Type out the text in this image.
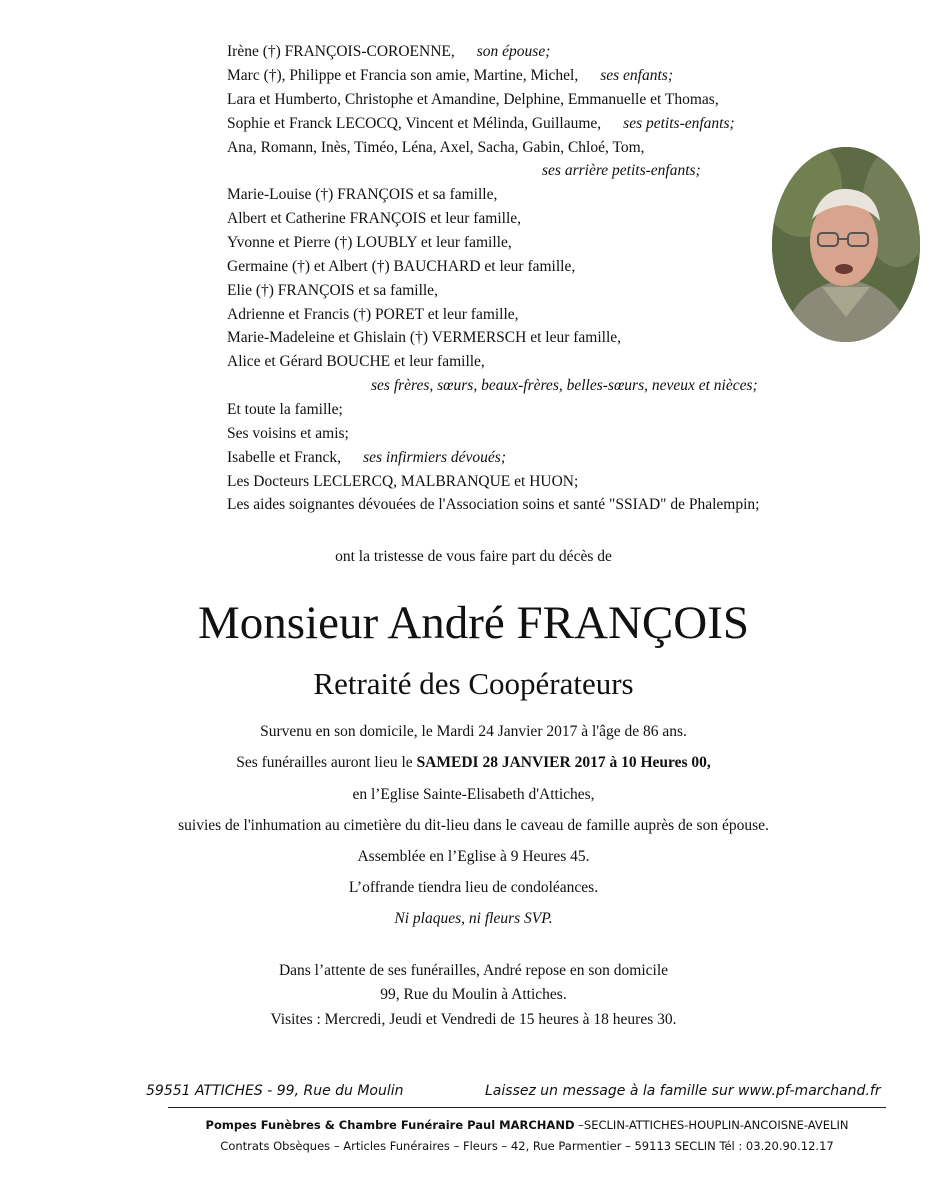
Irène (†) FRANÇOIS-COROENNE, son épouse;
Marc (†), Philippe et Francia son amie, Martine, Michel, ses enfants;
Lara et Humberto, Christophe et Amandine, Delphine, Emmanuelle et Thomas,
Sophie et Franck LECOCQ, Vincent et Mélinda, Guillaume, ses petits-enfants;
Ana, Romann, Inès, Timéo, Léna, Axel, Sacha, Gabin, Chloé, Tom,
ses arrière petits-enfants;
Marie-Louise (†) FRANÇOIS et sa famille,
Albert et Catherine FRANÇOIS et leur famille,
Yvonne et Pierre (†) LOUBLY et leur famille,
Germaine (†) et Albert (†) BAUCHARD et leur famille,
Elie (†) FRANÇOIS et sa famille,
Adrienne et Francis (†) PORET et leur famille,
Marie-Madeleine et Ghislain (†) VERMERSCH et leur famille,
Alice et Gérard BOUCHE et leur famille,
ses frères, sœurs, beaux-frères, belles-sœurs, neveux et nièces;
Et toute la famille;
Ses voisins et amis;
Isabelle et Franck, ses infirmiers dévoués;
Les Docteurs LECLERCQ, MALBRANQUE et HUON;
Les aides soignantes dévouées de l'Association soins et santé "SSIAD" de Phalempin;
ont la tristesse de vous faire part du décès de
Monsieur André FRANÇOIS
Retraité des Coopérateurs
Survenu en son domicile, le Mardi 24 Janvier 2017 à l'âge de 86 ans.
Ses funérailles auront lieu le SAMEDI 28 JANVIER 2017 à 10 Heures 00,
en l’Eglise Sainte-Elisabeth d'Attiches,
suivies de l'inhumation au cimetière du dit-lieu dans le caveau de famille auprès de son épouse.
Assemblée en l’Eglise à 9 Heures 45.
L’offrande tiendra lieu de condoléances.
Ni plaques, ni fleurs SVP.
Dans l’attente de ses funérailles, André repose en son domicile
99, Rue du Moulin à Attiches.
Visites : Mercredi, Jeudi et Vendredi de 15 heures à 18 heures 30.
59551 ATTICHES - 99, Rue du Moulin	Laissez un message à la famille sur www.pf-marchand.fr
Pompes Funèbres & Chambre Funéraire Paul MARCHAND –SECLIN-ATTICHES-HOUPLIN-ANCOISNE-AVELIN
Contrats Obsèques – Articles Funéraires – Fleurs – 42, Rue Parmentier – 59113 SECLIN Tél : 03.20.90.12.17
